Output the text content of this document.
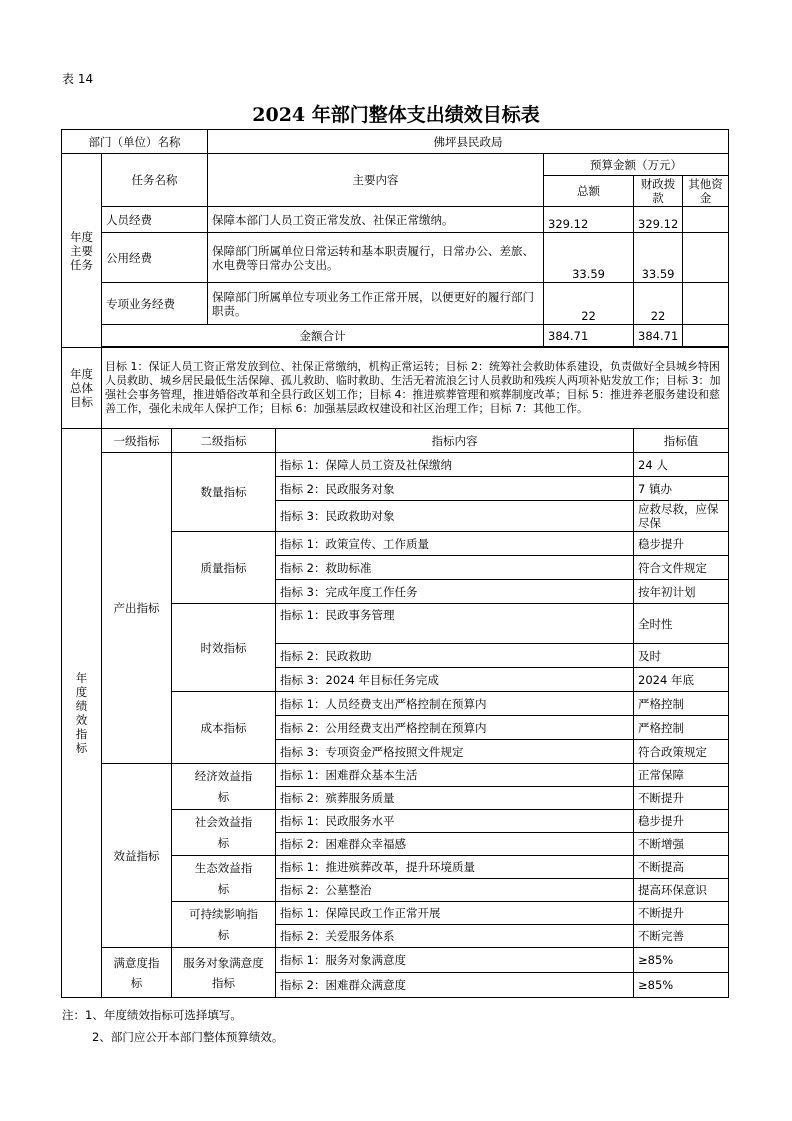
表 14
2024 年部门整体支出绩效目标表
部门（单位）名称			佛坪县民政局				
年度主要任务	任务名称		主要内容		预算金额（万元）		
					总额	财政拨款	其他资金
	人员经费		保障本部门人员工资正常发放、社保正常缴纳。		329.12	329.12	
	公用经费		保障部门所属单位日常运转和基本职责履行，日常办公、差旅、水电费等日常办公支出。		33.59	33.59	
	专项业务经费		保障部门所属单位专项业务工作正常开展，以便更好的履行部门职责。		22	22	
	金额合计				384.71	384.71	

年度总体目标	目标 1：保证人员工资正常发放到位、社保正常缴纳，机构正常运转；目标 2：统筹社会救助体系建设，负责做好全县城乡特困人员救助、城乡居民最低生活保障、孤儿救助、临时救助、生活无着流浪乞讨人员救助和残疾人两项补贴发放工作；目标 3：加强社会事务管理，推进婚俗改革和全县行政区划工作；目标 4：推进殡葬管理和殡葬制度改革；目标 5：推进养老服务建设和慈善工作，强化未成年人保护工作；目标 6：加强基层政权建设和社区治理工作；目标 7：其他工作。						
年度绩效指标	一级指标	二级指标		指标内容		指标值	
	产出指标	数量指标		指标 1：保障人员工资及社保缴纳		24 人	
				指标 2：民政服务对象		7 镇办	
				指标 3：民政救助对象		应救尽救，应保尽保	
		质量指标		指标 1：政策宣传、工作质量		稳步提升	
				指标 2：救助标准		符合文件规定	
				指标 3：完成年度工作任务		按年初计划	
		时效指标		指标 1：民政事务管理		全时性	
				指标 2：民政救助		及时	
				指标 3：2024 年目标任务完成		2024 年底	
		成本指标		指标 1：人员经费支出严格控制在预算内		严格控制	
				指标 2：公用经费支出严格控制在预算内		严格控制	
				指标 3：专项资金严格按照文件规定		符合政策规定	
	效益指标	经济效益指标		指标 1：困难群众基本生活		正常保障	
				指标 2：殡葬服务质量		不断提升	
		社会效益指标		指标 1：民政服务水平		稳步提升	
				指标 2：困难群众幸福感		不断增强	
		生态效益指标		指标 1：推进殡葬改革，提升环境质量		不断提高	
				指标 2：公墓整治		提高环保意识	
		可持续影响指标		指标 1：保障民政工作正常开展		不断提升	
				指标 2：关爱服务体系		不断完善	
	满意度指标	服务对象满意度指标		指标 1：服务对象满意度		≥85%	
				指标 2：困难群众满意度		≥85%	
注：1、年度绩效指标可选择填写。
2、部门应公开本部门整体预算绩效。
